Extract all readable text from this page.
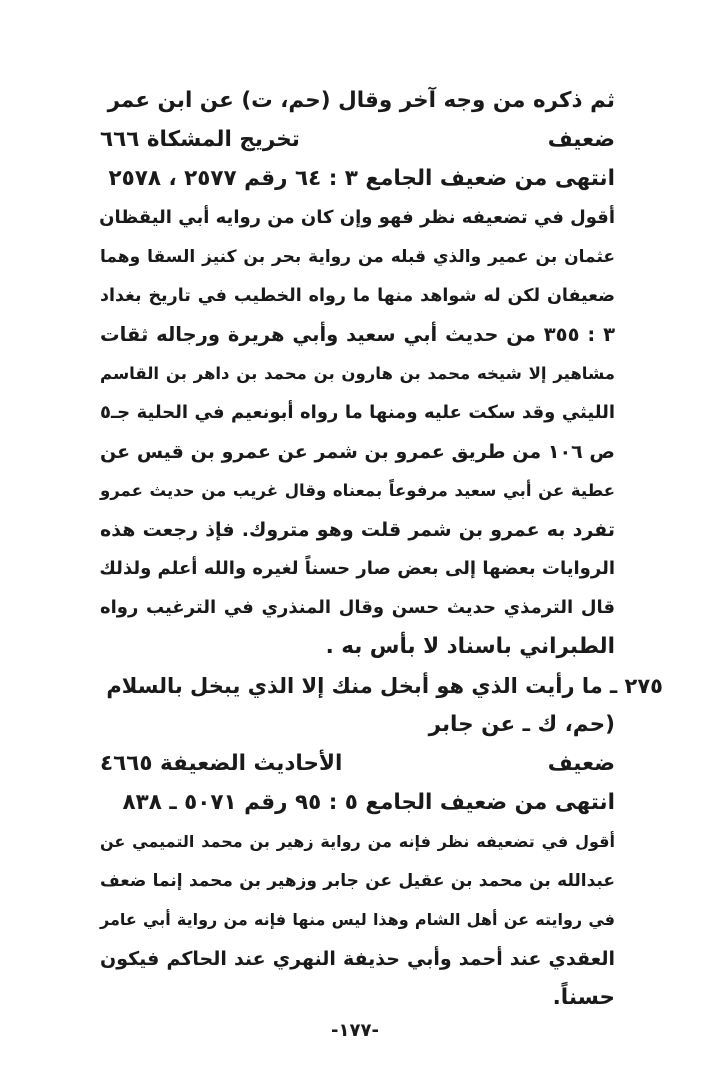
ثم ذكره من وجه آخر وقال (حم، ت) عن ابن عمر
ضعيف
تخريج المشكاة ٦٦٦
انتهى من ضعيف الجامع ٣ : ٦٤ رقم ٢٥٧٧ ، ٢٥٧٨
أقول في تضعيفه نظر فهو وإن كان من روايه أبي اليقظان
عثمان بن عمير والذي قبله من رواية بحر بن كنيز السقا وهما
ضعيفان لكن له شواهد منها ما رواه الخطيب في تاريخ بغداد
٣ : ٣٥٥ من حديث أبي سعيد وأبي هريرة ورجاله ثقات
مشاهير إلا شيخه محمد بن هارون بن محمد بن داهر بن القاسم
الليثي وقد سكت عليه ومنها ما رواه أبونعيم في الحلية جـ٥
ص ١٠٦ من طريق عمرو بن شمر عن عمرو بن قيس عن
عطية عن أبي سعيد مرفوعاً بمعناه وقال غريب من حديث عمرو
تفرد به عمرو بن شمر قلت وهو متروك. فإذ رجعت هذه
الروايات بعضها إلى بعض صار حسناً لغيره والله أعلم ولذلك
قال الترمذي حديث حسن وقال المنذري في الترغيب رواه
الطبراني باسناد لا بأس به .
٢٧٥ ـ ما رأيت الذي هو أبخل منك إلا الذي يبخل بالسلام
(حم، ك ـ عن جابر
ضعيف
الأحاديث الضعيفة ٤٦٦٥
انتهى من ضعيف الجامع ٥ : ٩٥ رقم ٥٠٧١ ـ ٨٣٨
أقول في تضعيفه نظر فإنه من رواية زهير بن محمد التميمي عن
عبدالله بن محمد بن عقيل عن جابر وزهير بن محمد إنما ضعف
في روايته عن أهل الشام وهذا ليس منها فإنه من رواية أبي عامر
العقدي عند أحمد وأبي حذيفة النهري عند الحاكم فيكون
حسناً.
-١٧٧-
